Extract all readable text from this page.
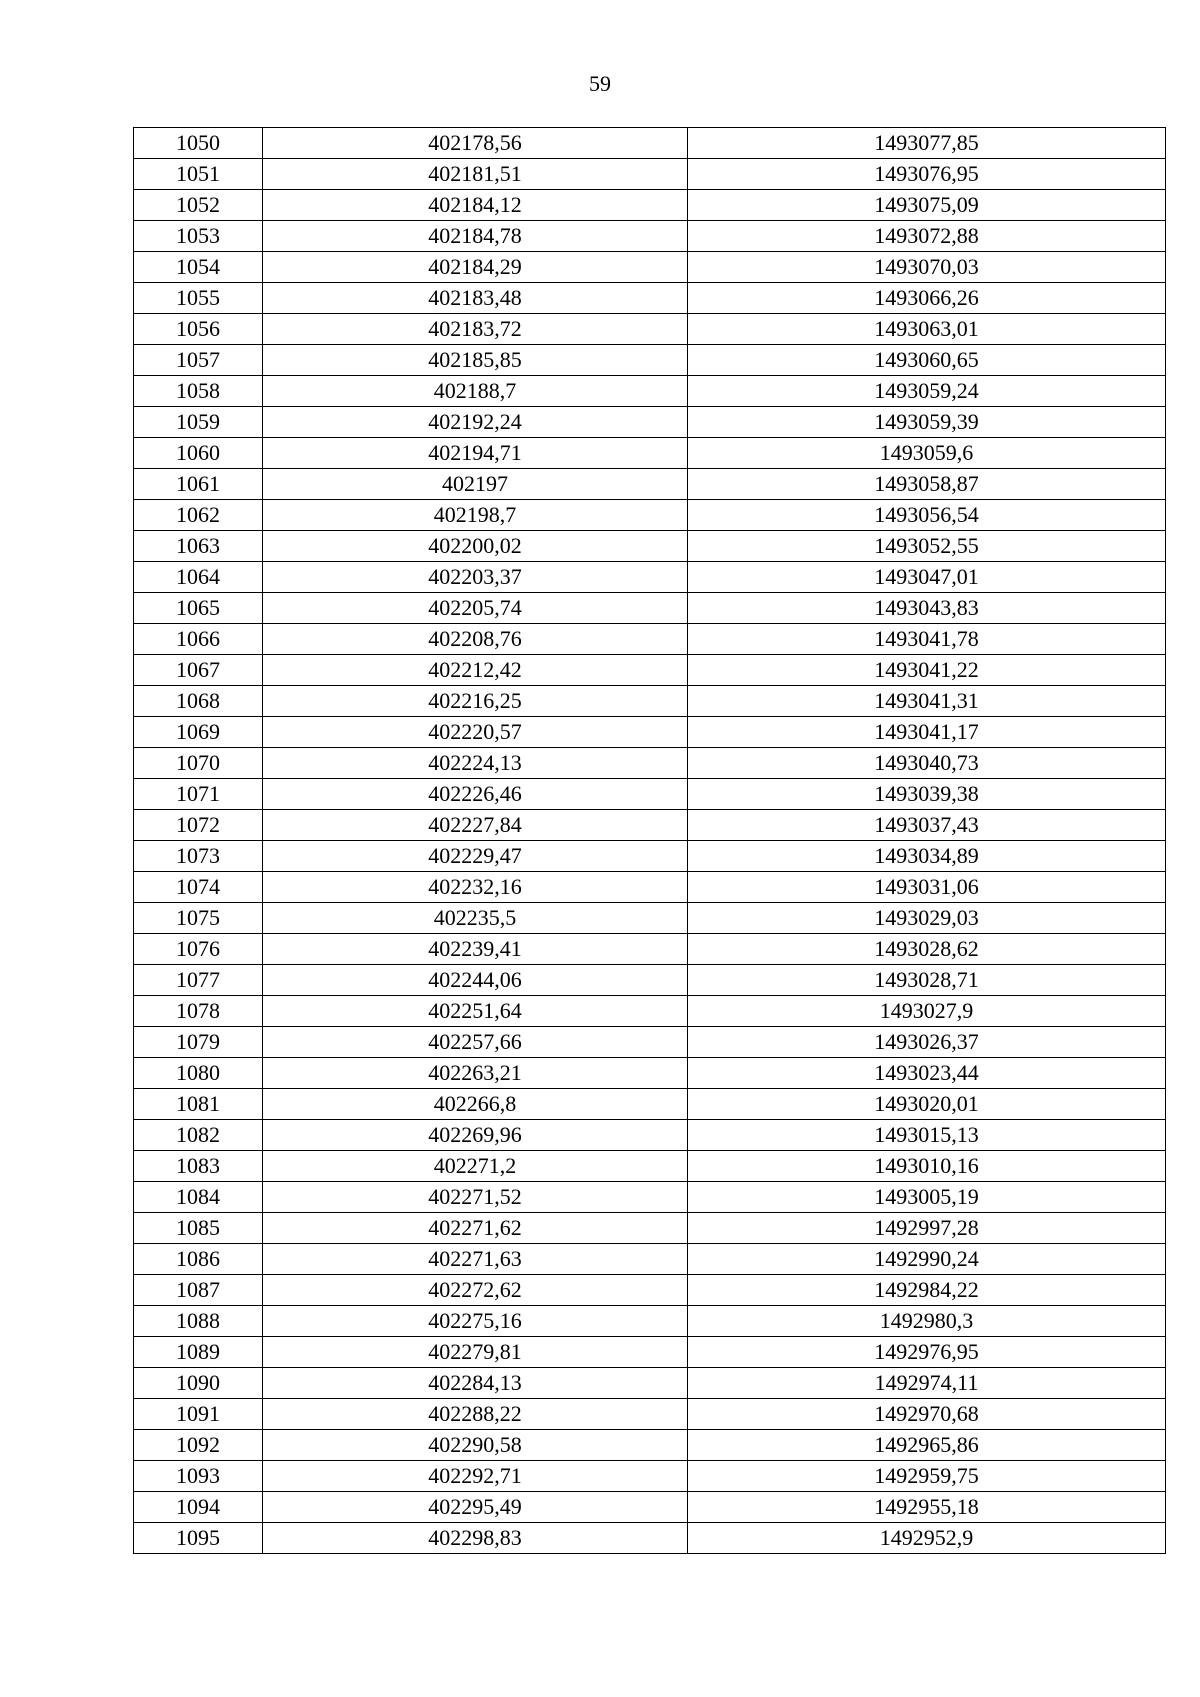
59
1050	402178,56	1493077,85
1051	402181,51	1493076,95
1052	402184,12	1493075,09
1053	402184,78	1493072,88
1054	402184,29	1493070,03
1055	402183,48	1493066,26
1056	402183,72	1493063,01
1057	402185,85	1493060,65
1058	402188,7	1493059,24
1059	402192,24	1493059,39
1060	402194,71	1493059,6
1061	402197	1493058,87
1062	402198,7	1493056,54
1063	402200,02	1493052,55
1064	402203,37	1493047,01
1065	402205,74	1493043,83
1066	402208,76	1493041,78
1067	402212,42	1493041,22
1068	402216,25	1493041,31
1069	402220,57	1493041,17
1070	402224,13	1493040,73
1071	402226,46	1493039,38
1072	402227,84	1493037,43
1073	402229,47	1493034,89
1074	402232,16	1493031,06
1075	402235,5	1493029,03
1076	402239,41	1493028,62
1077	402244,06	1493028,71
1078	402251,64	1493027,9
1079	402257,66	1493026,37
1080	402263,21	1493023,44
1081	402266,8	1493020,01
1082	402269,96	1493015,13
1083	402271,2	1493010,16
1084	402271,52	1493005,19
1085	402271,62	1492997,28
1086	402271,63	1492990,24
1087	402272,62	1492984,22
1088	402275,16	1492980,3
1089	402279,81	1492976,95
1090	402284,13	1492974,11
1091	402288,22	1492970,68
1092	402290,58	1492965,86
1093	402292,71	1492959,75
1094	402295,49	1492955,18
1095	402298,83	1492952,9
